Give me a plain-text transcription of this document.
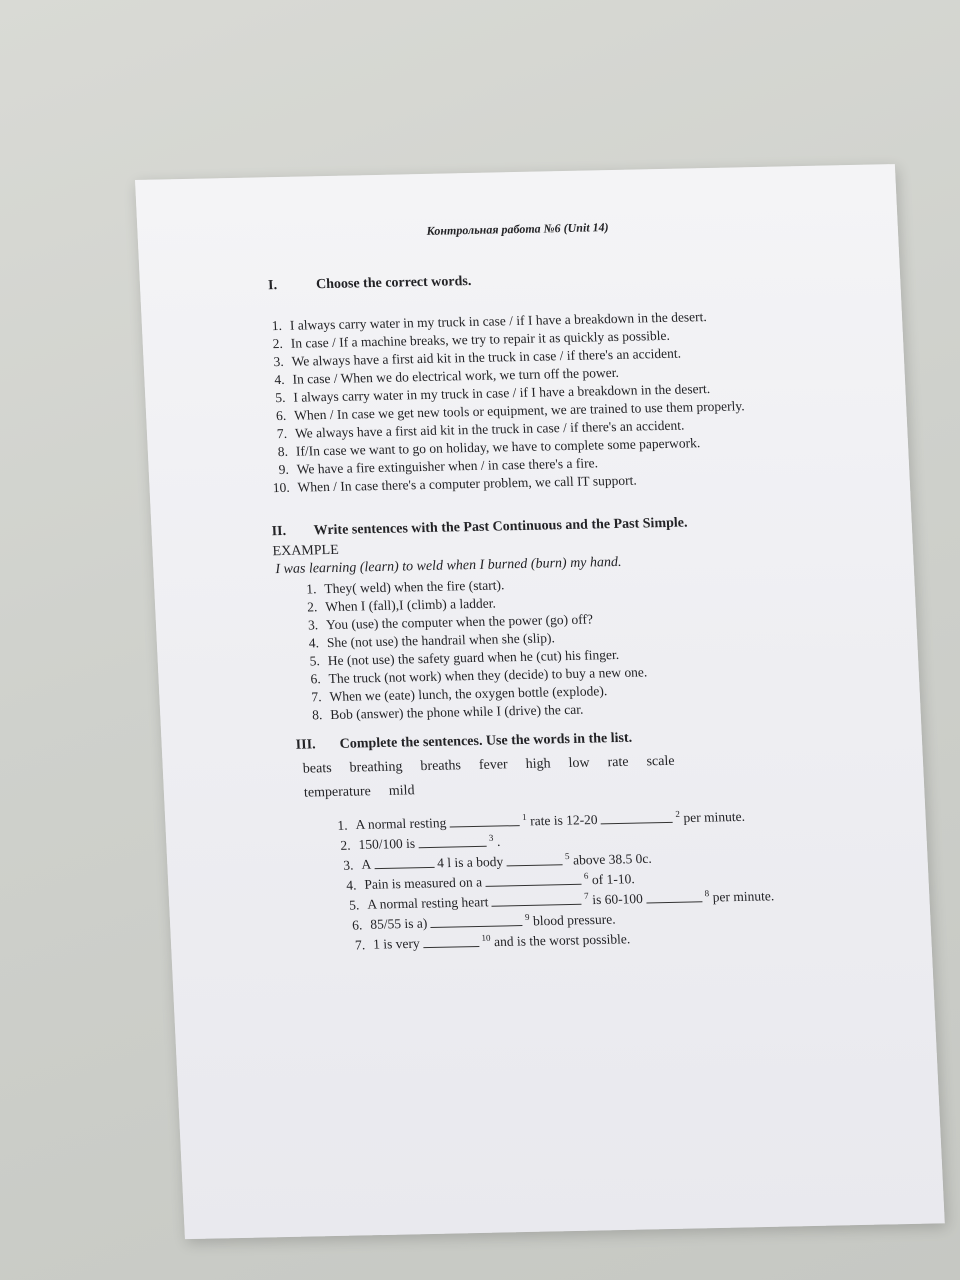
Контрольная работа №6 (Unit 14)
I.	Choose the correct words.
1. I always carry water in my truck in case / if I have a breakdown in the desert.
2. In case / If a machine breaks, we try to repair it as quickly as possible.
3. We always have a first aid kit in the truck in case / if there's an accident.
4. In case / When we do electrical work, we turn off the power.
5. I always carry water in my truck in case / if I have a breakdown in the desert.
6. When / In case we get new tools or equipment, we are trained to use them properly.
7. We always have a first aid kit in the truck in case / if there's an accident.
8. If/In case we want to go on holiday, we have to complete some paperwork.
9. We have a fire extinguisher when / in case there's a fire.
10. When / In case there's a computer problem, we call IT support.
II.	Write sentences with the Past Continuous and the Past Simple.
EXAMPLE
I was learning (learn) to weld when I burned (burn) my hand.
1. They( weld) when the fire (start).
2. When I (fall),I (climb) a ladder.
3. You (use) the computer when the power (go) off?
4. She (not use) the handrail when she (slip).
5. He (not use) the safety guard when he (cut) his finger.
6. The truck (not work) when they (decide) to buy a new one.
7. When we (eate) lunch, the oxygen bottle (explode).
8. Bob (answer) the phone while I (drive) the car.
III.	Complete the sentences. Use the words in the list.
beats breathing breaths fever high low rate scale
temperature mild
1. A normal resting	$^1$ rate is 12-20	$^2$ per minute.
2. 150/100 is	$^3$ .
3. A	4 l is a body	$^5$ above 38.5 0c.
4. Pain is measured on a	$^6$ of 1-10.
5. A normal resting heart	$^7$ is 60-100	$^8$ per minute.
6. 85/55 is a)	$^9$ blood pressure.
7. 1 is very	$^{10}$ and is the worst possible.
